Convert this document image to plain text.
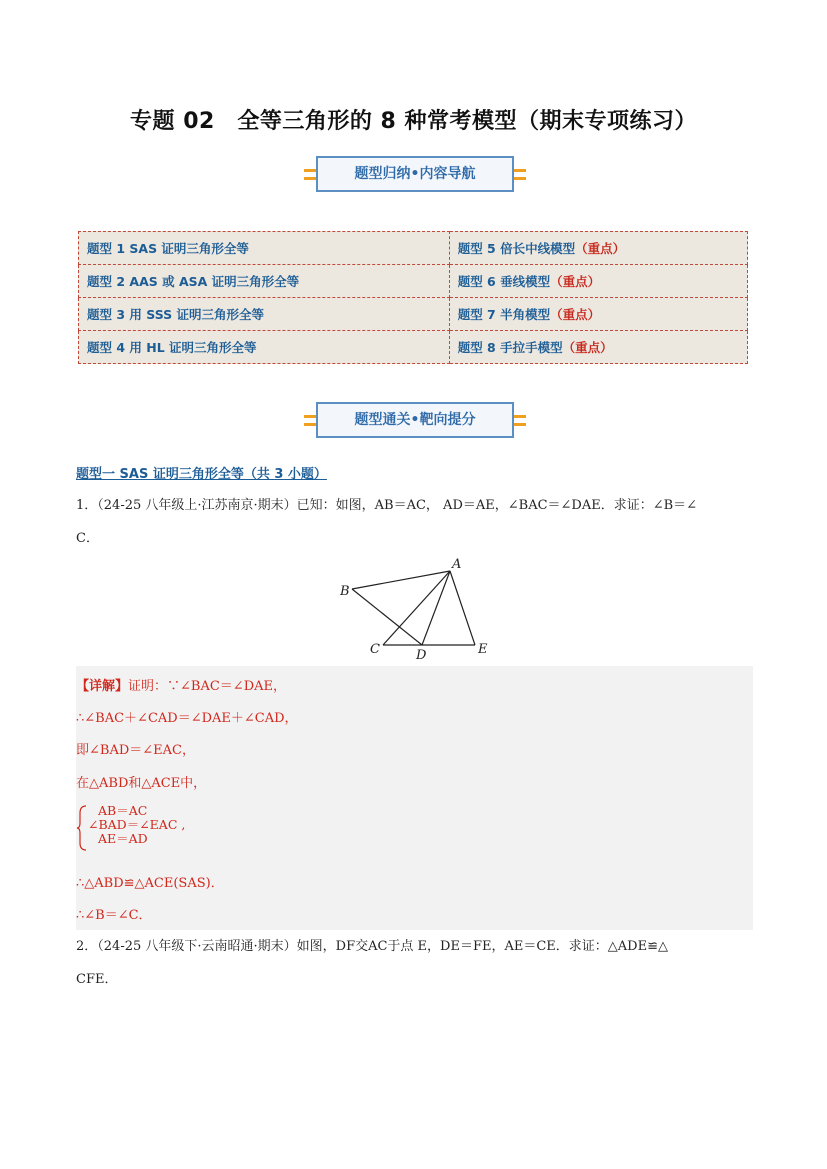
专题 02　全等三角形的 8 种常考模型（期末专项练习）
题型归纳•内容导航
题型 1 SAS 证明三角形全等	题型 5 倍长中线模型（重点）
题型 2 AAS 或 ASA 证明三角形全等	题型 6 垂线模型（重点）
题型 3 用 SSS 证明三角形全等	题型 7 半角模型（重点）
题型 4 用 HL 证明三角形全等	题型 8 手拉手模型（重点）
题型通关•靶向提分
题型一 SAS 证明三角形全等（共 3 小题）
1．（24-25 八年级上·江苏南京·期末）已知：如图，AB＝AC， AD＝AE，∠BAC＝∠DAE．求证：∠B＝∠
C．
A
B
C	D	E
【详解】证明：∵∠BAC＝∠DAE，
∴∠BAC＋∠CAD＝∠DAE＋∠CAD，
即∠BAD＝∠EAC，
在△ABD和△ACE中，
AB＝AC
∠BAD＝∠EAC ,
AE＝AD
∴△ABD≌△ACE(SAS)．
∴∠B＝∠C．
2．（24-25 八年级下·云南昭通·期末）如图，DF交AC于点 E，DE＝FE，AE＝CE．求证：△ADE≌△
CFE．
